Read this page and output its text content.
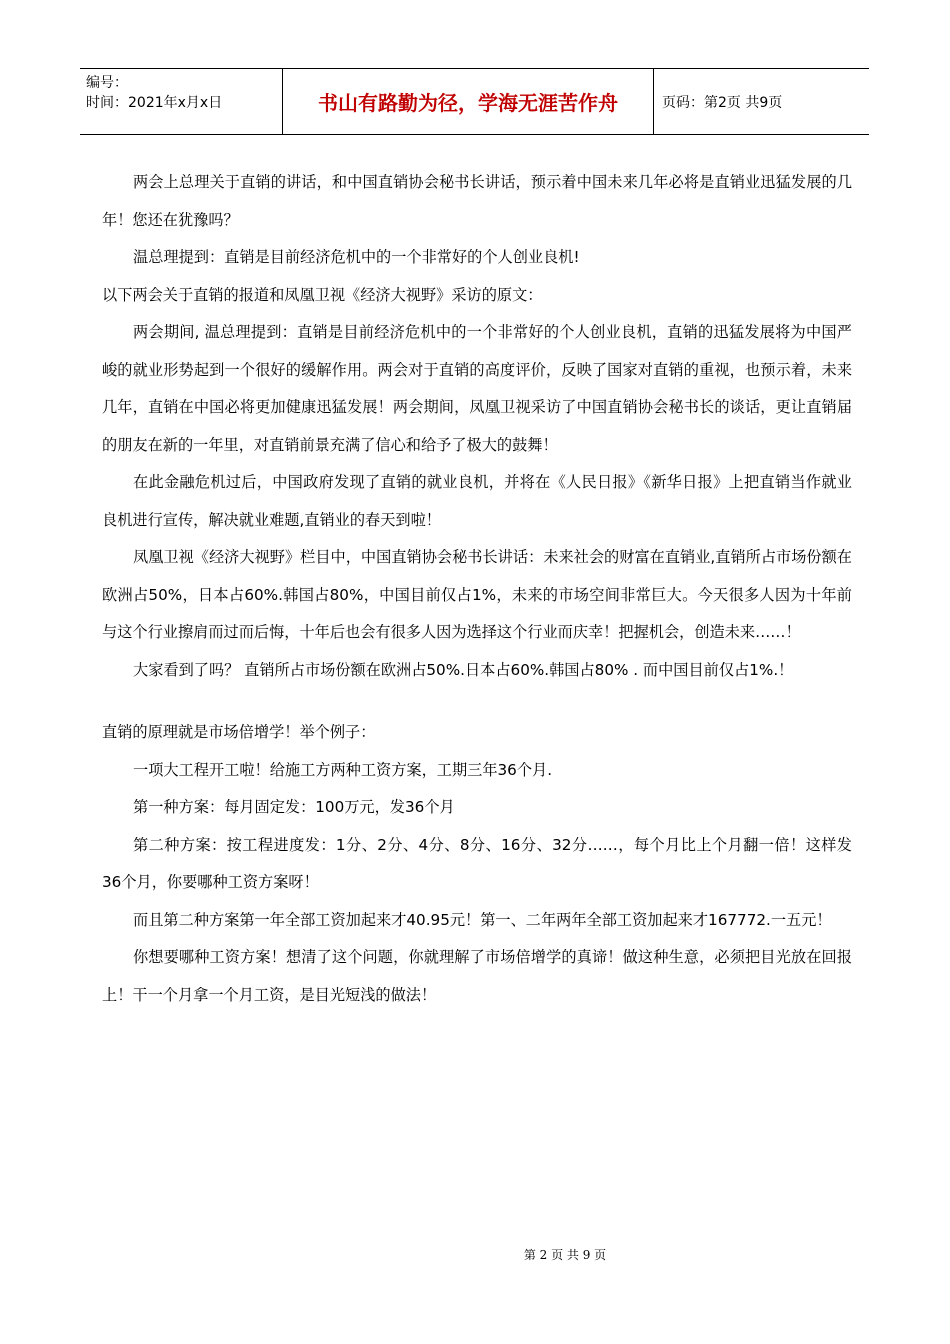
编号：
时间：2021年x月x日	书山有路勤为径，学海无涯苦作舟	页码：第2页 共9页

两会上总理关于直销的讲话，和中国直销协会秘书长讲话，预示着中国未来几年必将是直销业迅猛发展的几年！您还在犹豫吗？

温总理提到：直销是目前经济危机中的一个非常好的个人创业良机!

以下两会关于直销的报道和凤凰卫视《经济大视野》采访的原文：

两会期间, 温总理提到：直销是目前经济危机中的一个非常好的个人创业良机，直销的迅猛发展将为中国严峻的就业形势起到一个很好的缓解作用。两会对于直销的高度评价，反映了国家对直销的重视，也预示着，未来几年，直销在中国必将更加健康迅猛发展！两会期间，凤凰卫视采访了中国直销协会秘书长的谈话，更让直销届的朋友在新的一年里，对直销前景充满了信心和给予了极大的鼓舞！

在此金融危机过后，中国政府发现了直销的就业良机，并将在《人民日报》《新华日报》上把直销当作就业良机进行宣传，解决就业难题,直销业的春天到啦！

凤凰卫视《经济大视野》栏目中，中国直销协会秘书长讲话：未来社会的财富在直销业,直销所占市场份额在欧洲占50%，日本占60%.韩国占80%，中国目前仅占1%，未来的市场空间非常巨大。今天很多人因为十年前与这个行业擦肩而过而后悔，十年后也会有很多人因为选择这个行业而庆幸！把握机会，创造未来……！

大家看到了吗？ 直销所占市场份额在欧洲占50%.日本占60%.韩国占80% . 而中国目前仅占1%.！

直销的原理就是市场倍增学！举个例子：

一项大工程开工啦！给施工方两种工资方案，工期三年36个月.

第一种方案：每月固定发：100万元，发36个月

第二种方案：按工程进度发：1分、2分、4分、8分、16分、32分……，每个月比上个月翻一倍！这样发36个月，你要哪种工资方案呀！

而且第二种方案第一年全部工资加起来才40.95元！第一、二年两年全部工资加起来才167772.一五元！

你想要哪种工资方案！想清了这个问题，你就理解了市场倍增学的真谛！做这种生意，必须把目光放在回报上！干一个月拿一个月工资，是目光短浅的做法！

第 2 页 共 9 页
